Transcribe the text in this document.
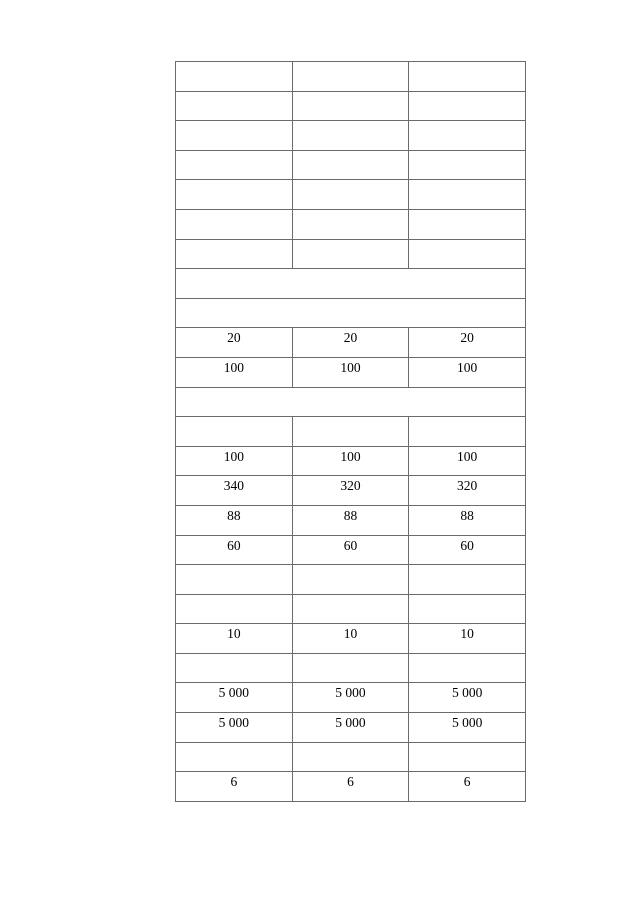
20	20	20

100	100	100

100	100	100

340	320	320

88	88	88

60	60	60

10	10	10

5 000	5 000	5 000

5 000	5 000	5 000

6	6	6
